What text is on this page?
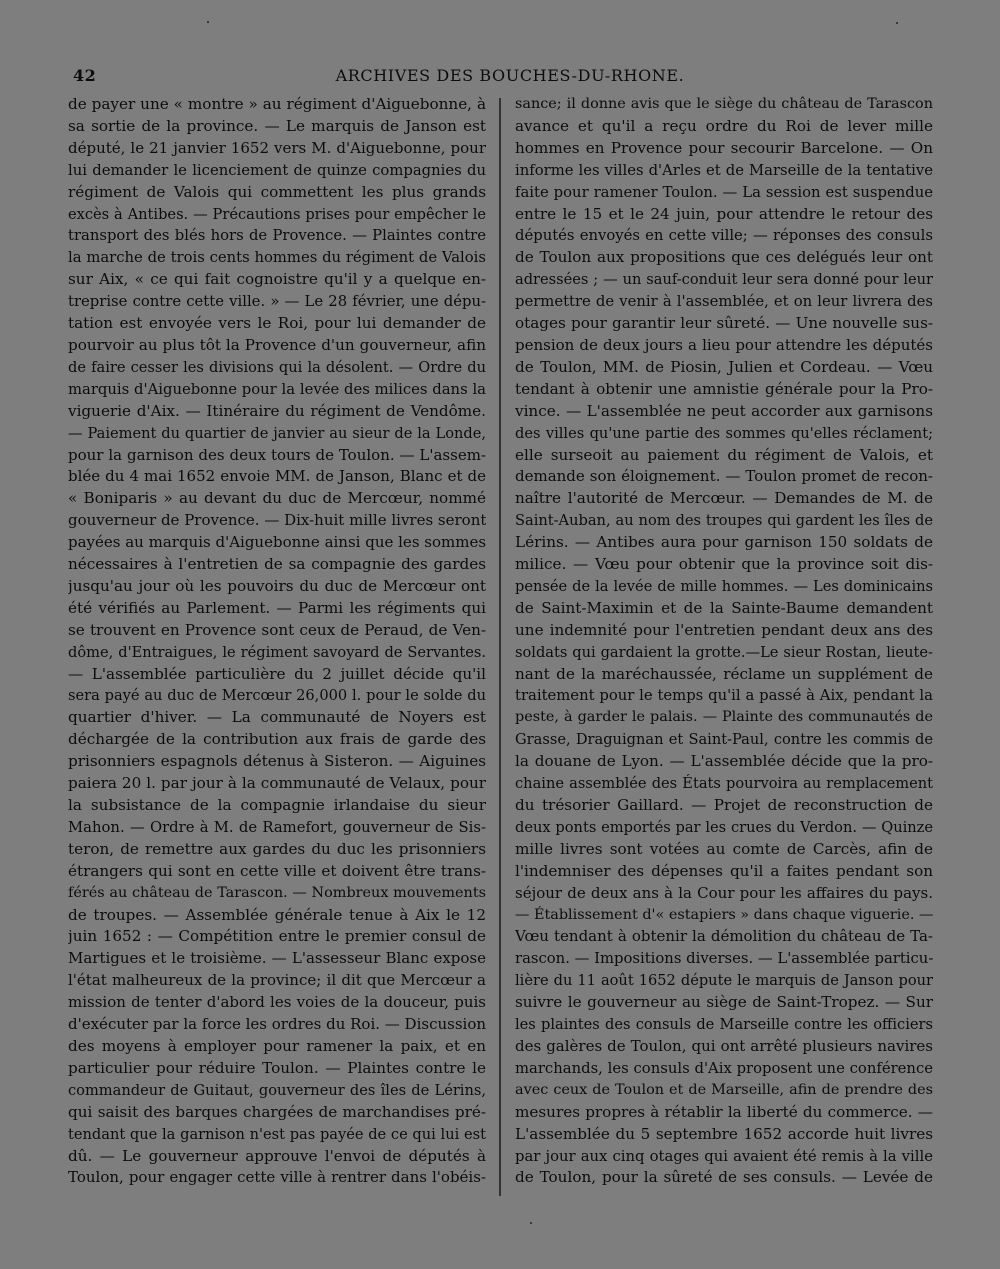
42	ARCHIVES DES BOUCHES-DU-RHONE.
de payer une « montre » au régiment d'Aiguebonne, à
sa sortie de la province. — Le marquis de Janson est
député, le 21 janvier 1652 vers M. d'Aiguebonne, pour
lui demander le licenciement de quinze compagnies du
régiment de Valois qui commettent les plus grands
excès à Antibes. — Précautions prises pour empêcher le
transport des blés hors de Provence. — Plaintes contre
la marche de trois cents hommes du régiment de Valois
sur Aix, « ce qui fait cognoistre qu'il y a quelque en-
treprise contre cette ville. » — Le 28 février, une dépu-
tation est envoyée vers le Roi, pour lui demander de
pourvoir au plus tôt la Provence d'un gouverneur, afin
de faire cesser les divisions qui la désolent. — Ordre du
marquis d'Aiguebonne pour la levée des milices dans la
viguerie d'Aix. — Itinéraire du régiment de Vendôme.
— Paiement du quartier de janvier au sieur de la Londe,
pour la garnison des deux tours de Toulon. — L'assem-
blée du 4 mai 1652 envoie MM. de Janson, Blanc et de
« Boniparis » au devant du duc de Mercœur, nommé
gouverneur de Provence. — Dix-huit mille livres seront
payées au marquis d'Aiguebonne ainsi que les sommes
nécessaires à l'entretien de sa compagnie des gardes
jusqu'au jour où les pouvoirs du duc de Mercœur ont
été vérifiés au Parlement. — Parmi les régiments qui
se trouvent en Provence sont ceux de Peraud, de Ven-
dôme, d'Entraigues, le régiment savoyard de Servantes.
— L'assemblée particulière du 2 juillet décide qu'il
sera payé au duc de Mercœur 26,000 l. pour le solde du
quartier d'hiver. — La communauté de Noyers est
déchargée de la contribution aux frais de garde des
prisonniers espagnols détenus à Sisteron. — Aiguines
paiera 20 l. par jour à la communauté de Velaux, pour
la subsistance de la compagnie irlandaise du sieur
Mahon. — Ordre à M. de Ramefort, gouverneur de Sis-
teron, de remettre aux gardes du duc les prisonniers
étrangers qui sont en cette ville et doivent être trans-
férés au château de Tarascon. — Nombreux mouvements
de troupes. — Assemblée générale tenue à Aix le 12
juin 1652 : — Compétition entre le premier consul de
Martigues et le troisième. — L'assesseur Blanc expose
l'état malheureux de la province; il dit que Mercœur a
mission de tenter d'abord les voies de la douceur, puis
d'exécuter par la force les ordres du Roi. — Discussion
des moyens à employer pour ramener la paix, et en
particulier pour réduire Toulon. — Plaintes contre le
commandeur de Guitaut, gouverneur des îles de Lérins,
qui saisit des barques chargées de marchandises pré-
tendant que la garnison n'est pas payée de ce qui lui est
dû. — Le gouverneur approuve l'envoi de députés à
Toulon, pour engager cette ville à rentrer dans l'obéis-
sance; il donne avis que le siège du château de Tarascon
avance et qu'il a reçu ordre du Roi de lever mille
hommes en Provence pour secourir Barcelone. — On
informe les villes d'Arles et de Marseille de la tentative
faite pour ramener Toulon. — La session est suspendue
entre le 15 et le 24 juin, pour attendre le retour des
députés envoyés en cette ville; — réponses des consuls
de Toulon aux propositions que ces delégués leur ont
adressées ; — un sauf-conduit leur sera donné pour leur
permettre de venir à l'assemblée, et on leur livrera des
otages pour garantir leur sûreté. — Une nouvelle sus-
pension de deux jours a lieu pour attendre les députés
de Toulon, MM. de Piosin, Julien et Cordeau. — Vœu
tendant à obtenir une amnistie générale pour la Pro-
vince. — L'assemblée ne peut accorder aux garnisons
des villes qu'une partie des sommes qu'elles réclament;
elle surseoit au paiement du régiment de Valois, et
demande son éloignement. — Toulon promet de recon-
naître l'autorité de Mercœur. — Demandes de M. de
Saint-Auban, au nom des troupes qui gardent les îles de
Lérins. — Antibes aura pour garnison 150 soldats de
milice. — Vœu pour obtenir que la province soit dis-
pensée de la levée de mille hommes. — Les dominicains
de Saint-Maximin et de la Sainte-Baume demandent
une indemnité pour l'entretien pendant deux ans des
soldats qui gardaient la grotte.—Le sieur Rostan, lieute-
nant de la maréchaussée, réclame un supplément de
traitement pour le temps qu'il a passé à Aix, pendant la
peste, à garder le palais. — Plainte des communautés de
Grasse, Draguignan et Saint-Paul, contre les commis de
la douane de Lyon. — L'assemblée décide que la pro-
chaine assemblée des États pourvoira au remplacement
du trésorier Gaillard. — Projet de reconstruction de
deux ponts emportés par les crues du Verdon. — Quinze
mille livres sont votées au comte de Carcès, afin de
l'indemniser des dépenses qu'il a faites pendant son
séjour de deux ans à la Cour pour les affaires du pays.
— Établissement d'« estapiers » dans chaque viguerie. —
Vœu tendant à obtenir la démolition du château de Ta-
rascon. — Impositions diverses. — L'assemblée particu-
lière du 11 août 1652 députe le marquis de Janson pour
suivre le gouverneur au siège de Saint-Tropez. — Sur
les plaintes des consuls de Marseille contre les officiers
des galères de Toulon, qui ont arrêté plusieurs navires
marchands, les consuls d'Aix proposent une conférence
avec ceux de Toulon et de Marseille, afin de prendre des
mesures propres à rétablir la liberté du commerce. —
L'assemblée du 5 septembre 1652 accorde huit livres
par jour aux cinq otages qui avaient été remis à la ville
de Toulon, pour la sûreté de ses consuls. — Levée de
